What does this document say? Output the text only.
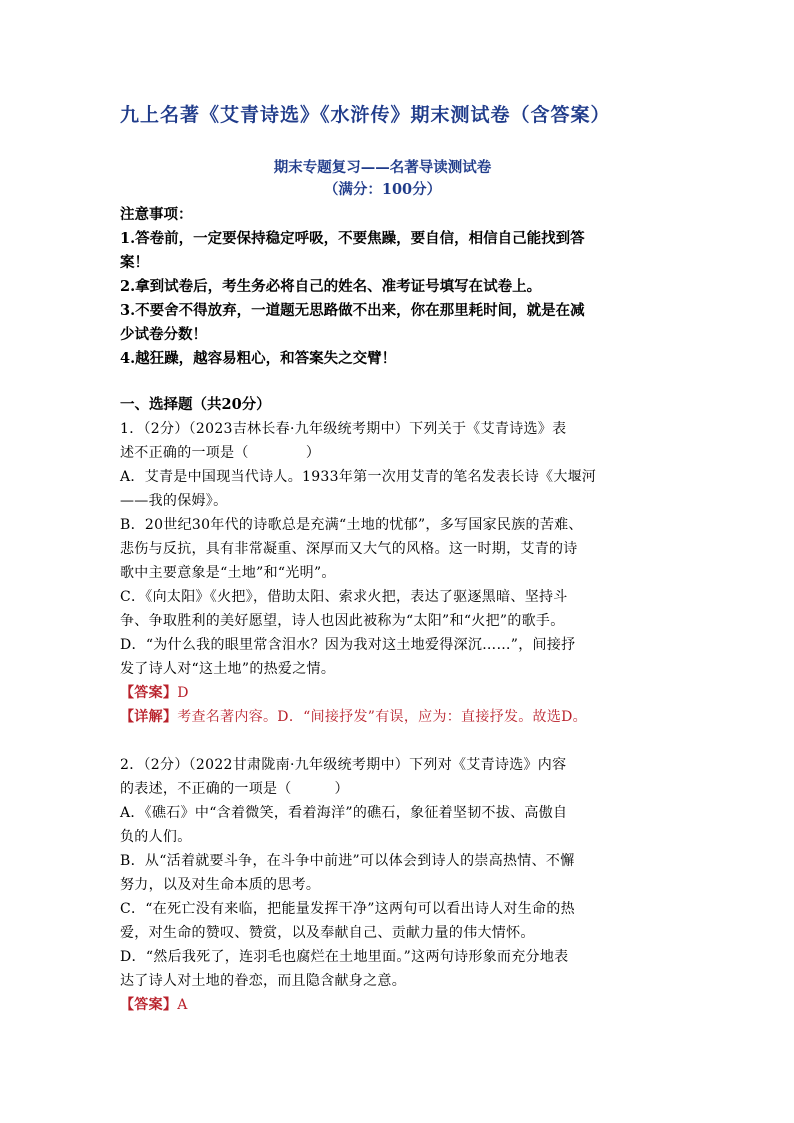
九上名著《艾青诗选》《水浒传》期末测试卷（含答案）
期末专题复习——名著导读测试卷
（满分：100分）

注意事项：

1.答卷前，一定要保持稳定呼吸，不要焦躁，要自信，相信自己能找到答

案！

2.拿到试卷后，考生务必将自己的姓名、准考证号填写在试卷上。

3.不要舍不得放弃，一道题无思路做不出来，你在那里耗时间，就是在减

少试卷分数！

4.越狂躁，越容易粗心，和答案失之交臂！

一、选择题（共20分）

1．（2分）（2023吉林长春·九年级统考期中）下列关于《艾青诗选》表

述不正确的一项是（　　　　）

A．艾青是中国现当代诗人。1933年第一次用艾青的笔名发表长诗《大堰河

——我的保姆》。

B．20世纪30年代的诗歌总是充满“土地的忧郁”，多写国家民族的苦难、

悲伤与反抗，具有非常凝重、深厚而又大气的风格。这一时期，艾青的诗

歌中主要意象是“土地”和“光明”。

C．《向太阳》《火把》，借助太阳、索求火把，表达了驱逐黑暗、坚持斗

争、争取胜利的美好愿望，诗人也因此被称为“太阳”和“火把”的歌手。

D．“为什么我的眼里常含泪水？因为我对这土地爱得深沉……”，间接抒

发了诗人对“这土地”的热爱之情。

【答案】D

【详解】考查名著内容。D．“间接抒发”有误，应为：直接抒发。故选D。

2．（2分）（2022甘肃陇南·九年级统考期中）下列对《艾青诗选》内容

的表述，不正确的一项是（　　　）

A．《礁石》中“含着微笑，看着海洋”的礁石，象征着坚韧不拔、高傲自

负的人们。

B．从“活着就要斗争，在斗争中前进”可以体会到诗人的崇高热情、不懈

努力，以及对生命本质的思考。

C．“在死亡没有来临，把能量发挥干净”这两句可以看出诗人对生命的热

爱，对生命的赞叹、赞赏，以及奉献自己、贡献力量的伟大情怀。

D．“然后我死了，连羽毛也腐烂在土地里面。”这两句诗形象而充分地表

达了诗人对土地的眷恋，而且隐含献身之意。

【答案】A
